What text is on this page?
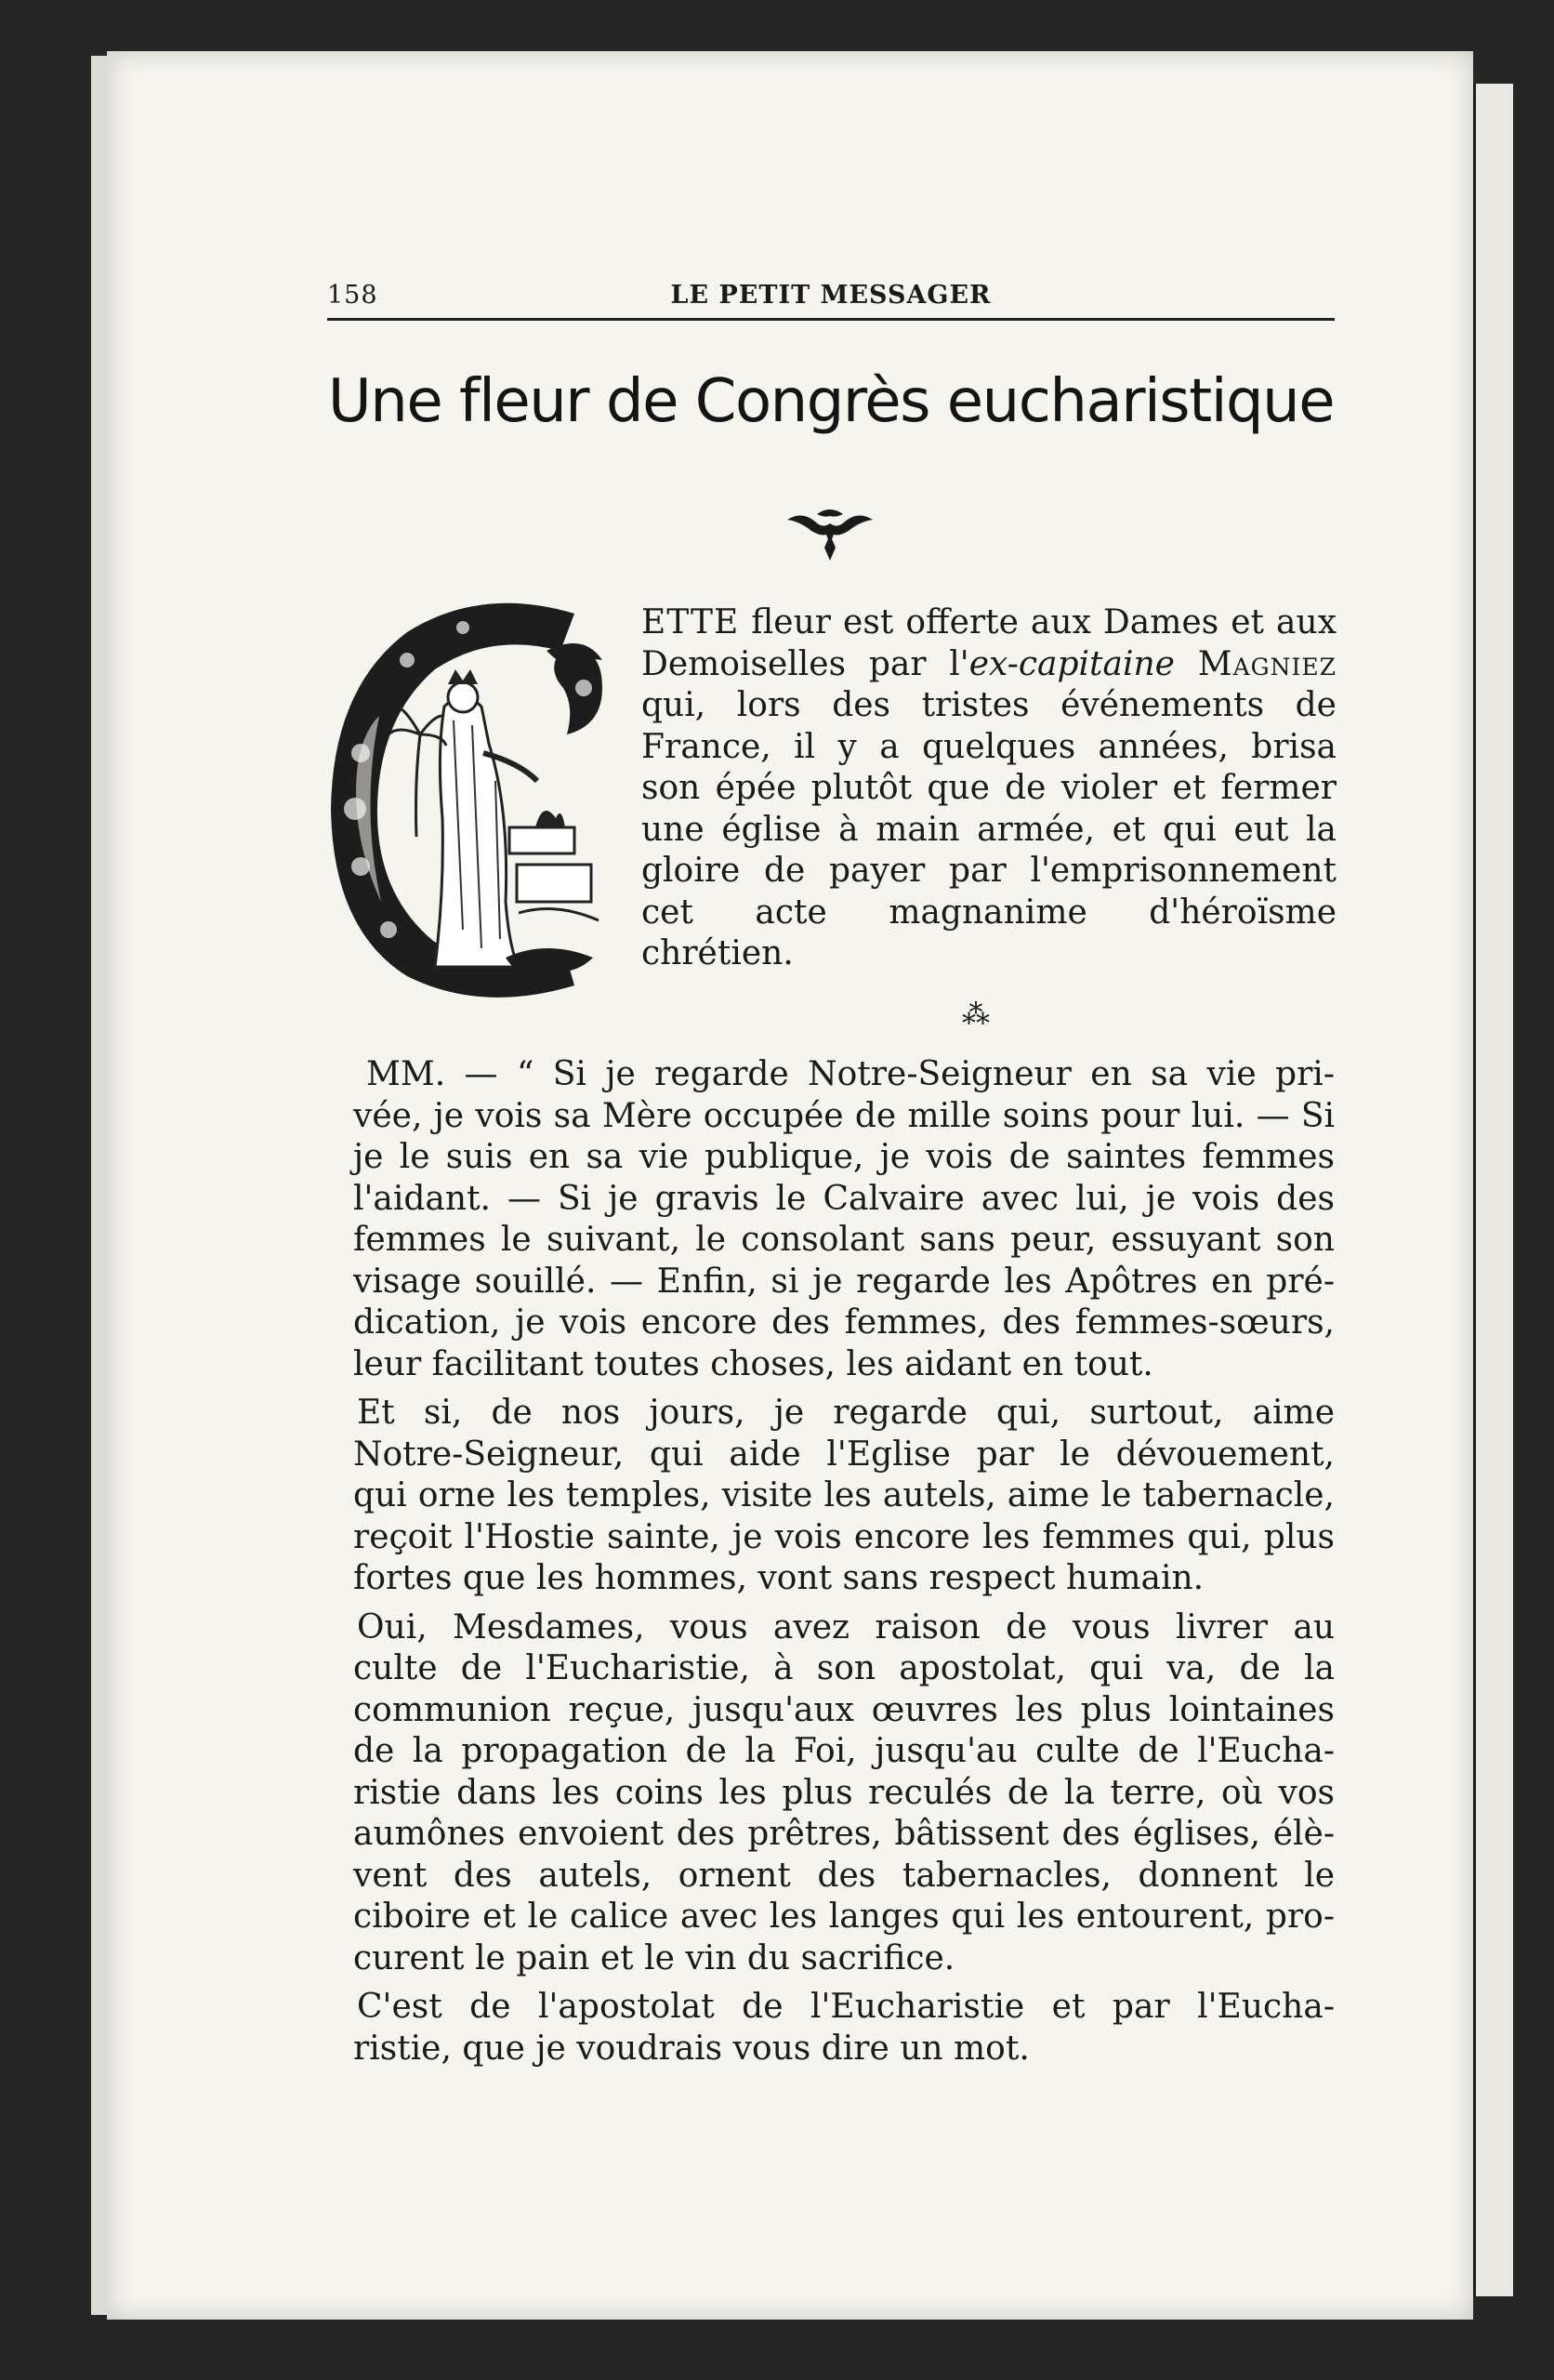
158	LE PETIT MESSAGER
Une fleur de Congrès eucharistique
ETTE fleur est offerte aux Dames et aux
Demoiselles par l'ex-capitaine Magniez
qui, lors des tristes événements de
France, il y a quelques années, brisa
son épée plutôt que de violer et fermer
une église à main armée, et qui eut la
gloire de payer par l'emprisonnement
cet acte magnanime d'héroïsme
chrétien.
⁂
MM. — “ Si je regarde Notre-Seigneur en sa vie pri-
vée, je vois sa Mère occupée de mille soins pour lui. — Si
je le suis en sa vie publique, je vois de saintes femmes
l'aidant. — Si je gravis le Calvaire avec lui, je vois des
femmes le suivant, le consolant sans peur, essuyant son
visage souillé. — Enfin, si je regarde les Apôtres en pré-
dication, je vois encore des femmes, des femmes-sœurs,
leur facilitant toutes choses, les aidant en tout.
Et si, de nos jours, je regarde qui, surtout, aime
Notre-Seigneur, qui aide l'Eglise par le dévouement,
qui orne les temples, visite les autels, aime le tabernacle,
reçoit l'Hostie sainte, je vois encore les femmes qui, plus
fortes que les hommes, vont sans respect humain.
Oui, Mesdames, vous avez raison de vous livrer au
culte de l'Eucharistie, à son apostolat, qui va, de la
communion reçue, jusqu'aux œuvres les plus lointaines
de la propagation de la Foi, jusqu'au culte de l'Eucha-
ristie dans les coins les plus reculés de la terre, où vos
aumônes envoient des prêtres, bâtissent des églises, élè-
vent des autels, ornent des tabernacles, donnent le
ciboire et le calice avec les langes qui les entourent, pro-
curent le pain et le vin du sacrifice.
C'est de l'apostolat de l'Eucharistie et par l'Eucha-
ristie, que je voudrais vous dire un mot.
